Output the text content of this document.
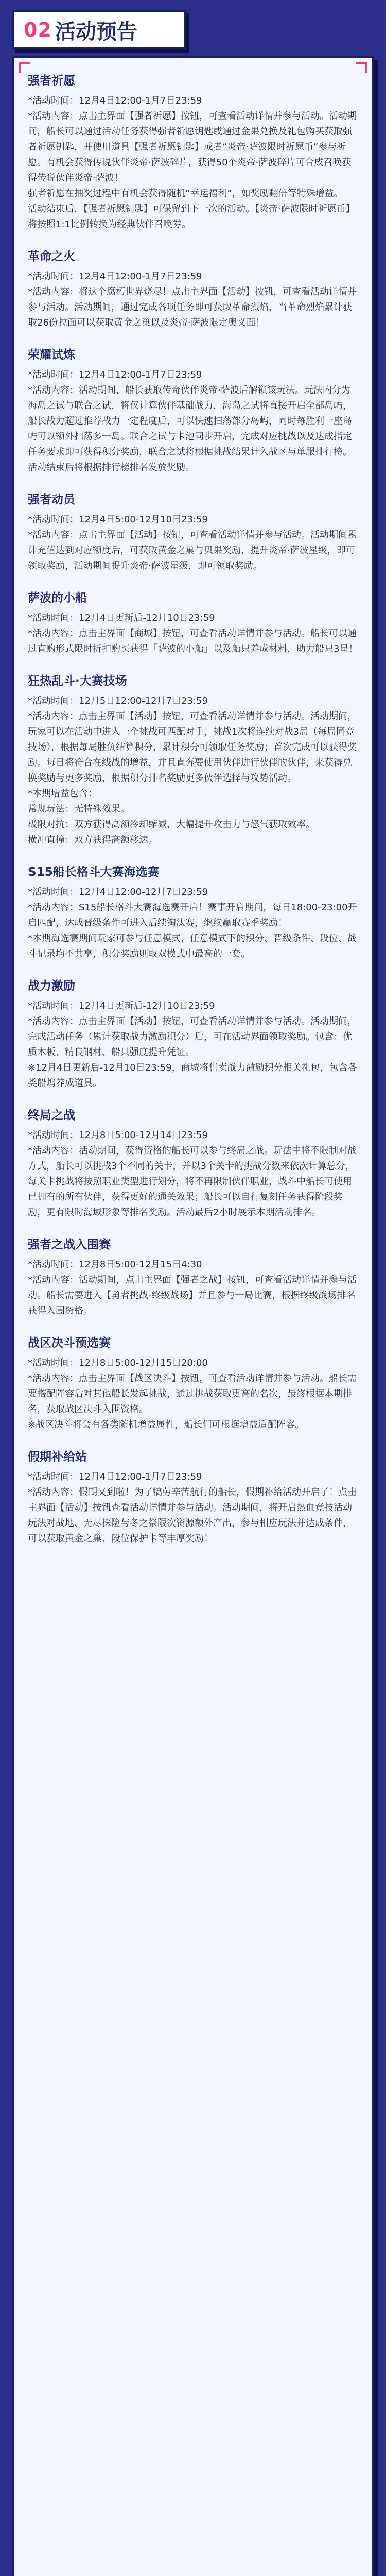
02 活动预告
强者祈愿

*活动时间：12月4日12:00-1月7日23:59

*活动内容：点击主界面【强者祈愿】按钮，可查看活动详情并参与活动。活动期间，船长可以通过活动任务获得强者祈愿钥匙或通过金果兑换及礼包购买获取强者祈愿钥匙，并使用道具【强者祈愿钥匙】或者“炎帝·萨波限时祈愿币”参与祈愿。有机会获得传说伙伴炎帝·萨波碎片，获得50个炎帝·萨波碎片可合成召唤获得传说伙伴炎帝·萨波！

强者祈愿在抽奖过程中有机会获得随机“幸运福利”，如奖励翻倍等特殊增益。

活动结束后，【强者祈愿钥匙】可保留到下一次的活动。【炎帝·萨波限时祈愿币】将按照1:1比例转换为经典伙伴召唤券。

革命之火

*活动时间：12月4日12:00-1月7日23:59

*活动内容：将这个腐朽世界烧尽！点击主界面【活动】按钮，可查看活动详情并参与活动。活动期间，通过完成各项任务即可获取革命烈焰，当革命烈焰累计获取26份拉面可以获取黄金之巢以及炎帝·萨波限定奥义面！

荣耀试炼

*活动时间：12月4日12:00-1月7日23:59

*活动内容：活动期间，船长获取传奇伙伴炎帝·萨波后解锁该玩法。玩法内分为海岛之试与联合之试，将仅计算伙伴基础战力，海岛之试将直接开启全部岛屿，船长战力超过推荐战力一定程度后，可以快速扫荡部分岛屿，同时每胜利一座岛屿可以额外扫荡多一岛。联合之试与卡池同步开启，完成对应挑战以及达成指定任务要求即可获得积分奖励，联合之试将根据挑战结果计入战区与单服排行榜。活动结束后将根据排行榜排名发放奖励。

强者动员

*活动时间：12月4日5:00-12月10日23:59

*活动内容：点击主界面【活动】按钮，可查看活动详情并参与活动。活动期间累计充值达到对应额度后，可获取黄金之巢与贝果奖励，提升炎帝·萨波星级，即可领取奖励，活动期间提升炎帝·萨波星级，即可领取奖励。

萨波的小船

*活动时间：12月4日更新后-12月10日23:59

*活动内容：点击主界面【商城】按钮，可查看活动详情并参与活动。船长可以通过直购形式限时折扣购买获得「萨波的小船」以及船只养成材料，助力船只3星！

狂热乱斗·大赛技场

*活动时间：12月5日12:00-12月7日23:59

*活动内容：点击主界面【活动】按钮，可查看活动详情并参与活动。活动期间，玩家可以在活动中进入一个挑战可匹配对手，挑战1次将连续对战3局（每局同竞技场），根据每局胜负结算积分，累计积分可领取任务奖励；首次完成可以获得奖励。每日将符合在线战的增益，并且直奔要使用伙伴进行伙伴的伙伴，来获得兑换奖励与更多奖励，根据积分排名奖励更多伙伴选择与攻势活动。

*本期增益包含：

常规玩法：无特殊效果。

极限对抗：双方获得高额冷却缩减，大幅提升攻击力与怒气获取效率。

横冲直撞：双方获得高额移速。

S15船长格斗大赛海选赛

*活动时间：12月4日12:00-12月7日23:59

*活动内容：S15船长格斗大赛海选赛开启！赛事开启期间，每日18:00-23:00开启匹配，达成晋级条件可进入后续淘汰赛，继续赢取赛季奖励！

*本期海选赛期间玩家可参与任意模式，任意模式下的积分、晋级条件、段位、战斗记录均不共享，积分奖励则取双模式中最高的一套。

战力激励

*活动时间：12月4日更新后-12月10日23:59

*活动内容：点击主界面【活动】按钮，可查看活动详情并参与活动。活动期间，完成活动任务（累计获取战力激励积分）后，可在活动界面领取奖励。包含：优质木板、精良钢材、船只强度提升凭证。

※12月4日更新后-12月10日23:59，商城将售卖战力激励积分相关礼包，包含各类船坞养成道具。

终局之战

*活动时间：12月8日5:00-12月14日23:59

*活动内容：活动期间，获得资格的船长可以参与终局之战。玩法中将不限制对战方式，船长可以挑战3个不同的关卡，并以3个关卡的挑战分数来依次计算总分，每关卡挑战将按照职业类型进行划分，将不再限制伙伴职业，战斗中船长可使用已拥有的所有伙伴，获得更好的通关效果；船长可以自行复刻任务获得阶段奖励，更有限时海域形象等排名奖励。活动最后2小时展示本期活动排名。

强者之战入围赛

*活动时间：12月8日5:00-12月15日4:30

*活动内容：活动期间，点击主界面【强者之战】按钮，可查看活动详情并参与活动。船长需要进入【勇者挑战-终级战场】并且参与一局比赛，根据终级战场排名获得入围资格。

战区决斗预选赛

*活动时间：12月8日5:00-12月15日20:00

*活动内容：点击主界面【战区决斗】按钮，可查看活动详情并参与活动。船长需要搭配阵容后对其他船长发起挑战，通过挑战获取更高的名次，最终根据本期排名，获取战区决斗入围资格。

※战区决斗将会有各类随机增益属性，船长们可根据增益适配阵容。

假期补给站

*活动时间：12月4日12:00-1月7日23:59

*活动内容：假期又到啦！为了犒劳辛苦航行的船长，假期补给活动开启了！点击主界面【活动】按钮查看活动详情并参与活动。活动期间，将开启热血竞技活动玩法对战地、无尽探险与冬之祭限次资源额外产出，参与相应玩法并达成条件，可以获取黄金之巢、段位保护卡等丰厚奖励！
